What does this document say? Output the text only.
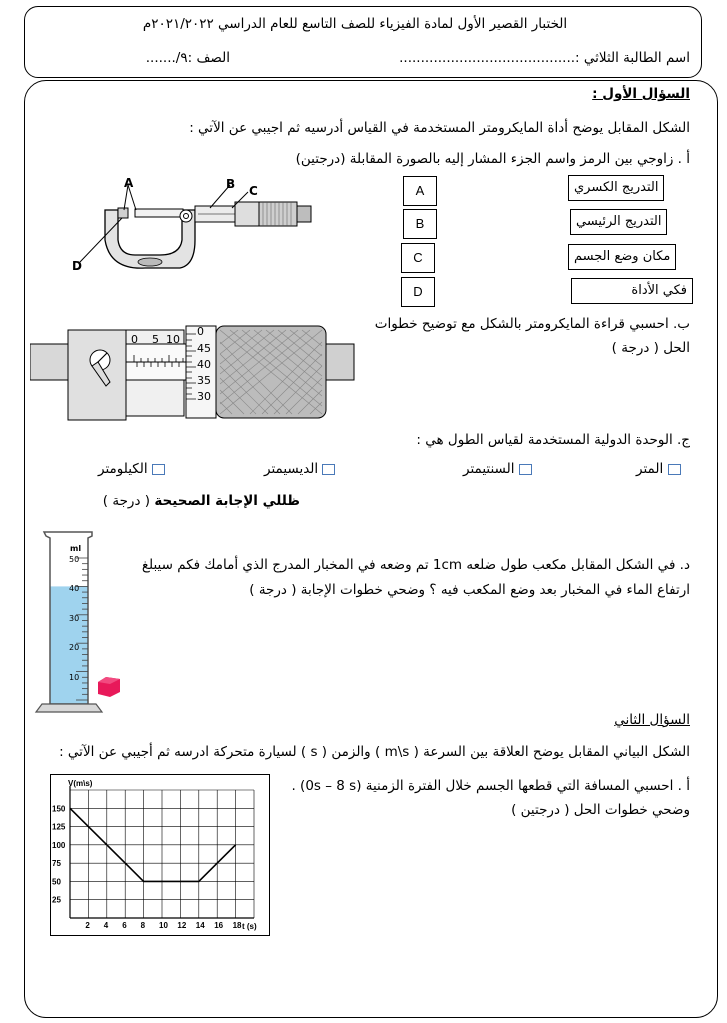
الختبار القصير الأول لمادة الفيزياء للصف التاسع للعام الدراسي ٢٠٢١/٢٠٢٢م
اسم الطالبة الثلاثي :.........................................
الصف :٩/.......
السؤال الأول :
الشكل المقابل يوضح أداة المايكرومتر المستخدمة في القياس أدرسيه ثم اجيبي عن الآتي :
أ . زاوجي بين الرمز واسم الجزء المشار إليه بالصورة المقابلة (درجتين)
A	B C
D
A
B
C
D
التدريج الكسري
التدريج الرئيسي
مكان وضع الجسم
فكي الأداة
0 5 10
0
45
40
35
30
ب. احسبي قراءة المايكرومتر بالشكل مع توضيح خطوات
الحل ( درجة )
ج. الوحدة الدولية المستخدمة لقياس الطول هي :
المتر
السنتيمتر
الديسيمتر
الكيلومتر
ظللي الإجابة الصحيحة ( درجة )
ml
50
40
30
20
10
د. في الشكل المقابل مكعب طول ضلعه 1cm تم وضعه في المخبار المدرج الذي أمامك فكم سيبلغ
ارتفاع الماء في المخبار بعد وضع المكعب فيه ؟ وضحي خطوات الإجابة ( درجة )
السؤال الثاني
الشكل البياني المقابل يوضح العلاقة بين السرعة ( m\s ) والزمن ( s ) لسيارة متحركة ادرسه ثم أجيبي عن الآتي :
أ . احسبي المسافة التي قطعها الجسم خلال الفترة الزمنية (0s – 8 s) .
وضحي خطوات الحل ( درجتين )
2 4 6 8 10 12 14 16 18
150
125
100
75
50
25
V(m\s)
t (s)
